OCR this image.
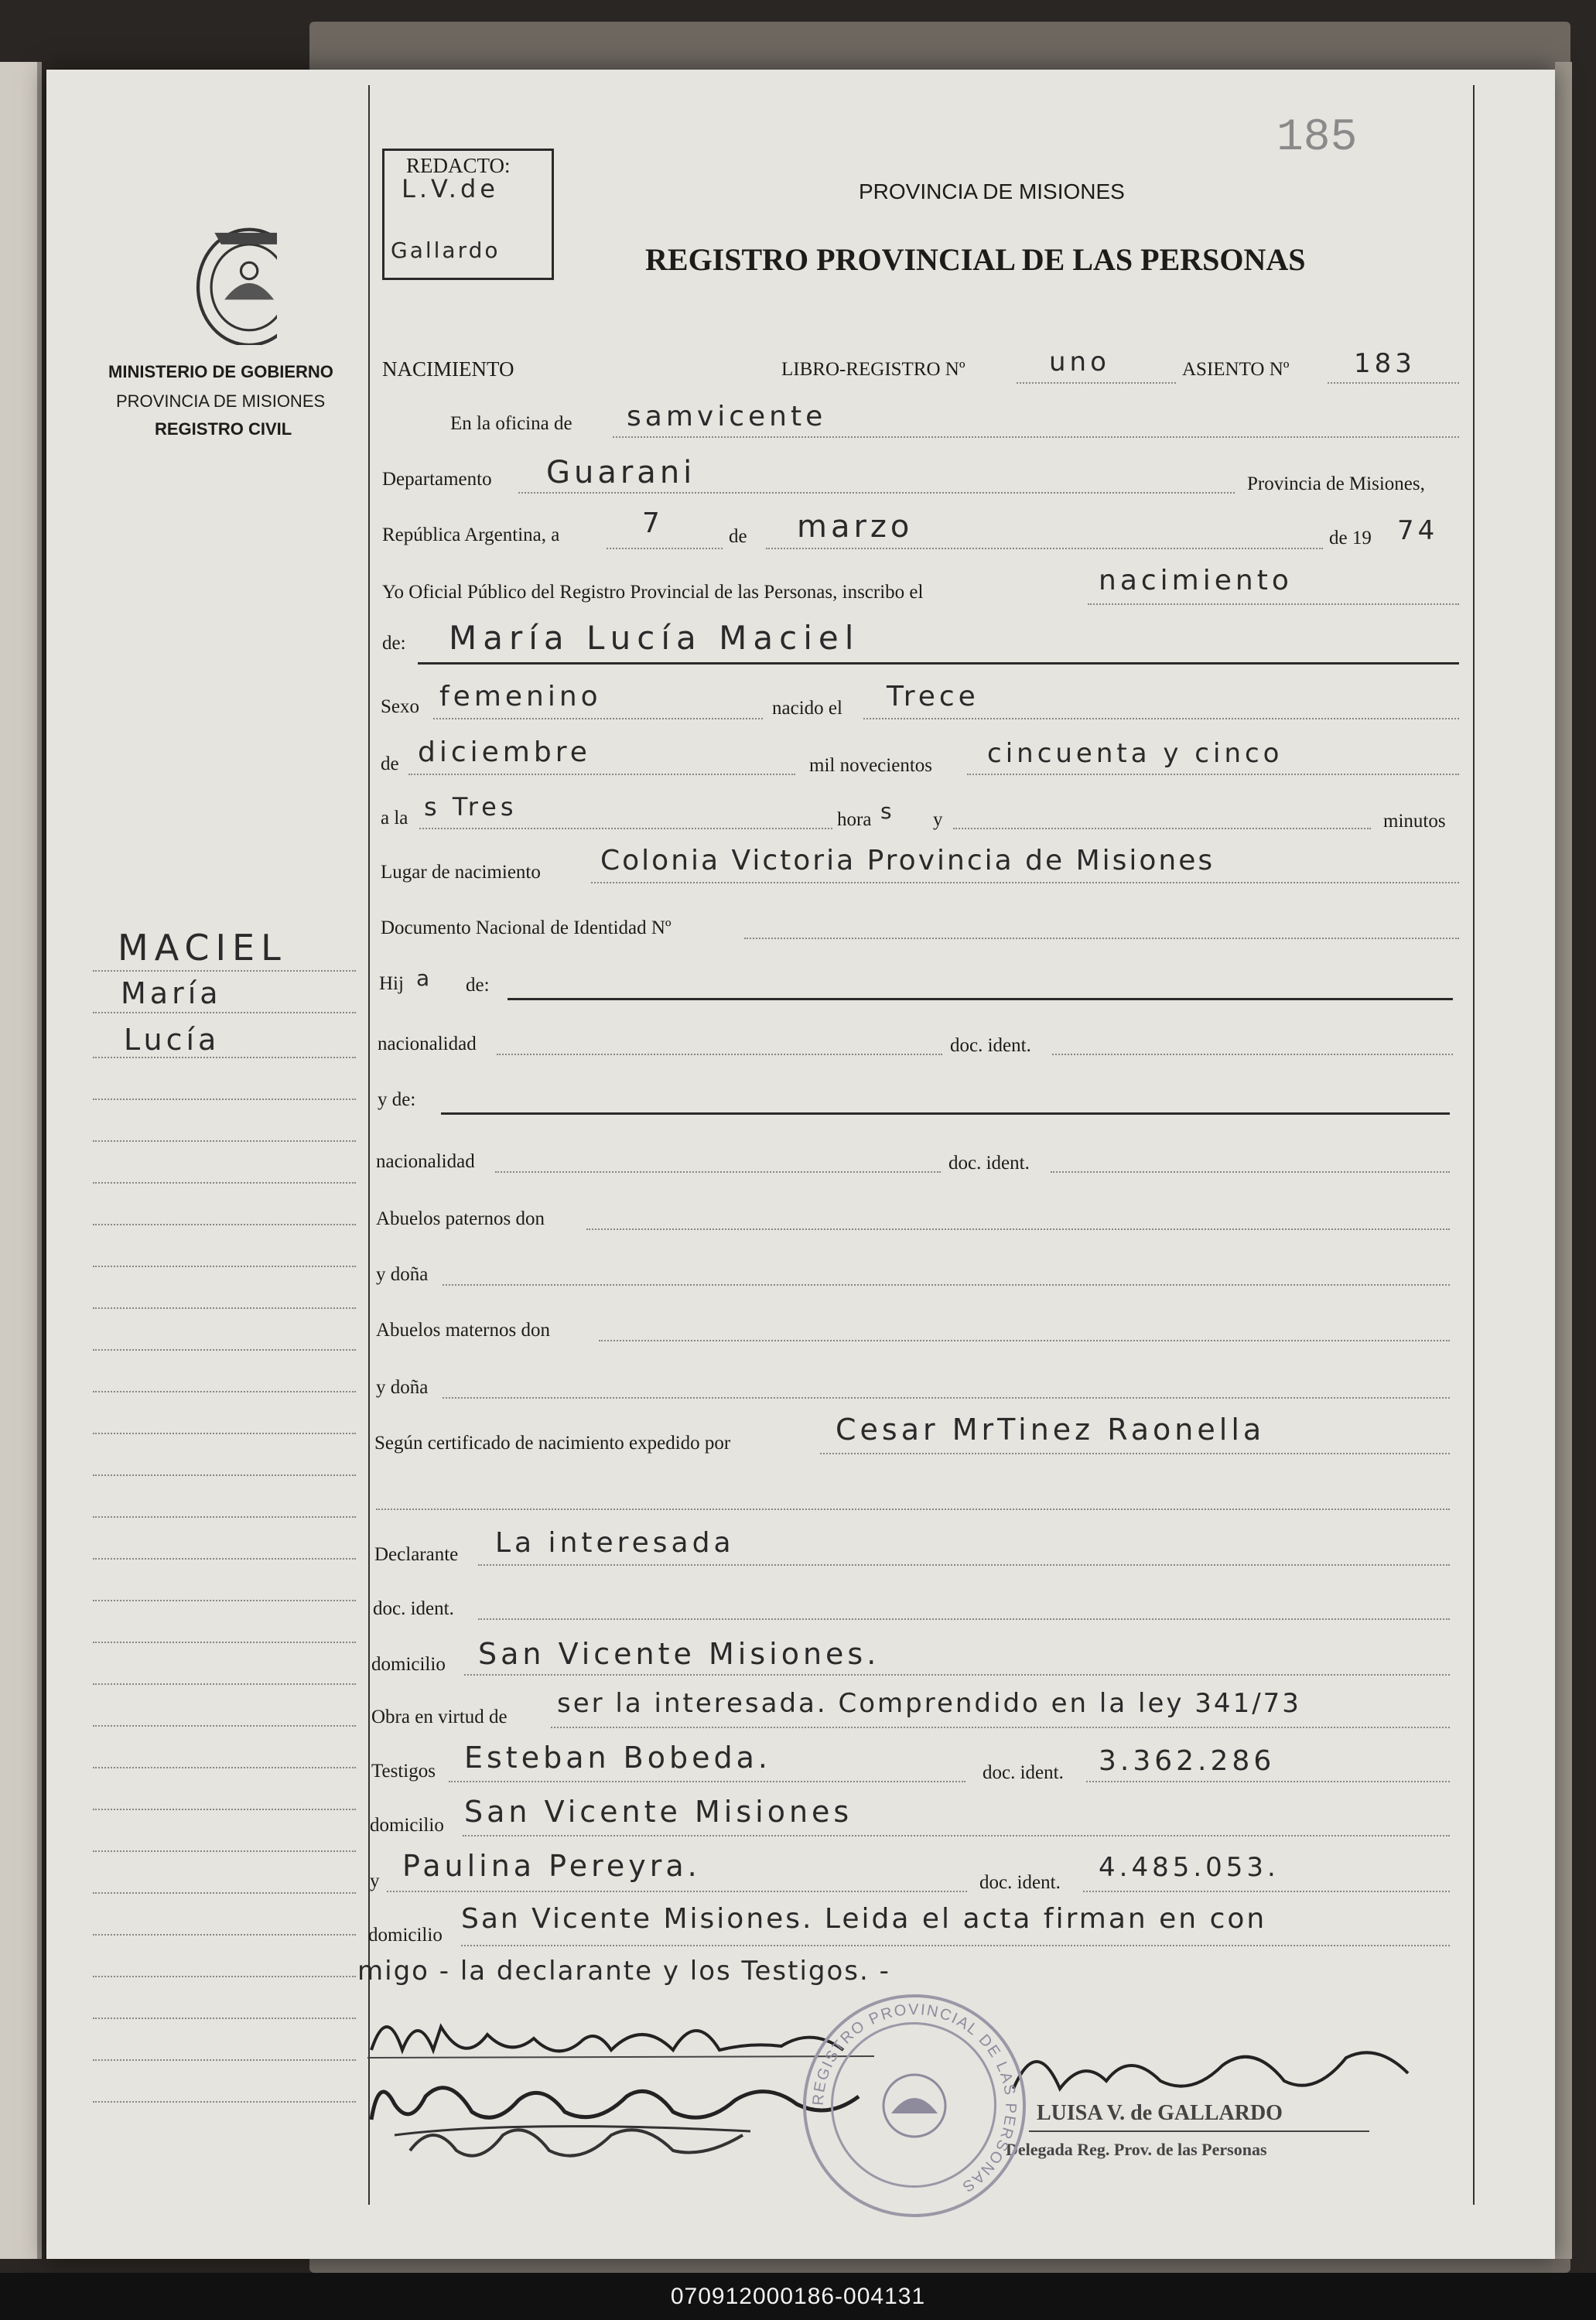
185
REDACTO:
L.V.de
Gallardo
MINISTERIO DE GOBIERNO
PROVINCIA DE MISIONES
REGISTRO CIVIL
MACIEL
María
Lucía
PROVINCIA DE MISIONES
REGISTRO PROVINCIAL DE LAS PERSONAS
NACIMIENTO	LIBRO-REGISTRO Nº	uno	ASIENTO Nº 183
En la oficina de samvicente
Departamento Guarani	Provincia de Misiones,
República Argentina, a	7	de marzo	de 19 74
Yo Oficial Público del Registro Provincial de las Personas, inscribo el	nacimiento
de: María Lucía Maciel
Sexo femenino	nacido el Trece
de diciembre	mil novecientos cincuenta y cinco
a la s Tres	hora s y	minutos
Lugar de nacimiento Colonia Victoria Provincia de Misiones
Documento Nacional de Identidad Nº
Hij a de:
nacionalidad	doc. ident.
y de:
nacionalidad	doc. ident.
Abuelos paternos don
y doña
Abuelos maternos don
y doña
Según certificado de nacimiento expedido por	Cesar MrTinez Raonella
Declarante La interesada
doc. ident.
domicilio San Vicente Misiones.
Obra en virtud de ser la interesada. Comprendido en la ley 341/73
Testigos Esteban Bobeda.	doc. ident. 3.362.286
domicilio San Vicente Misiones
y Paulina Pereyra.	doc. ident. 4.485.053.
domicilio
San Vicente Misiones. Leida el acta firman en con
migo - la declarante y los Testigos. -
LUISA V. de GALLARDO
Delegada Reg. Prov. de las Personas
REGISTRO PROVINCIAL DE LAS PERSONAS
070912000186-004131
